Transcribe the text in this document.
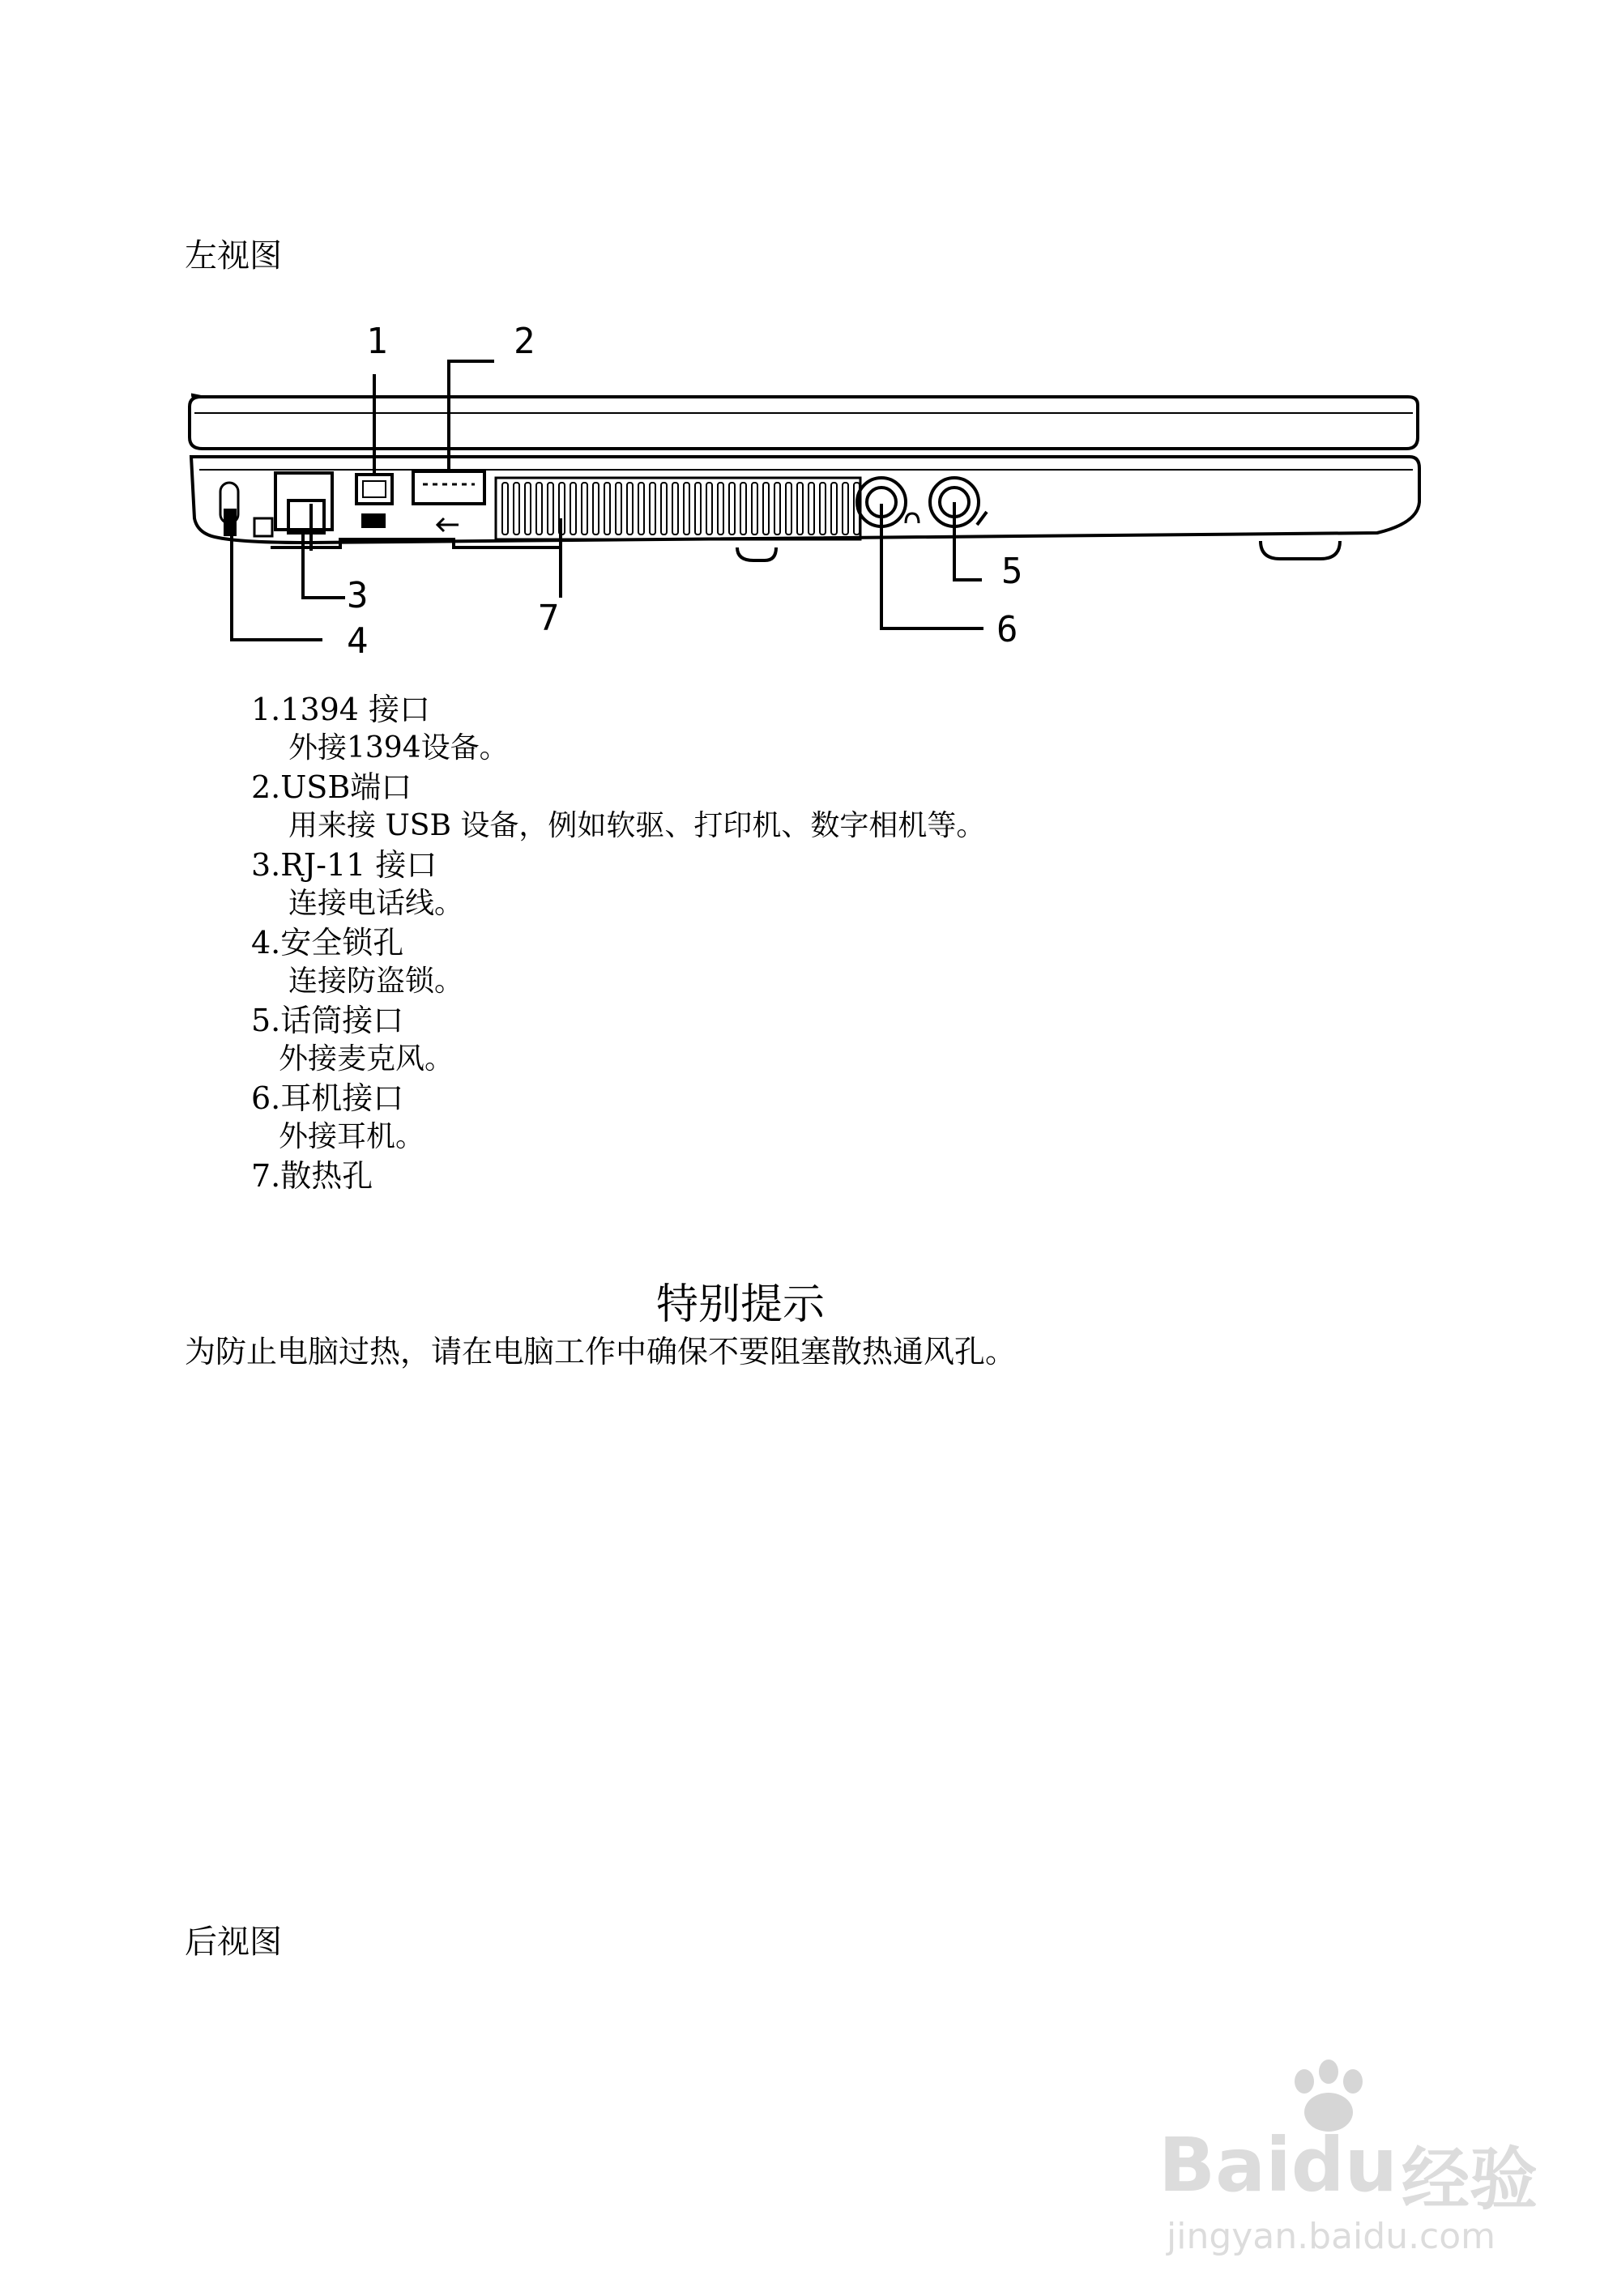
左视图
1	2
3
4
5
6
7
1.1394 接口
外接1394设备。
2.USB端口
用来接 USB 设备，例如软驱、打印机、数字相机等。
3.RJ-11 接口
连接电话线。
4.安全锁孔
连接防盗锁。
5.话筒接口
外接麦克风。
6.耳机接口
外接耳机。
7.散热孔
特别提示
为防止电脑过热，请在电脑工作中确保不要阻塞散热通风孔。
后视图
Baidu 经验
jingyan.baidu.com
